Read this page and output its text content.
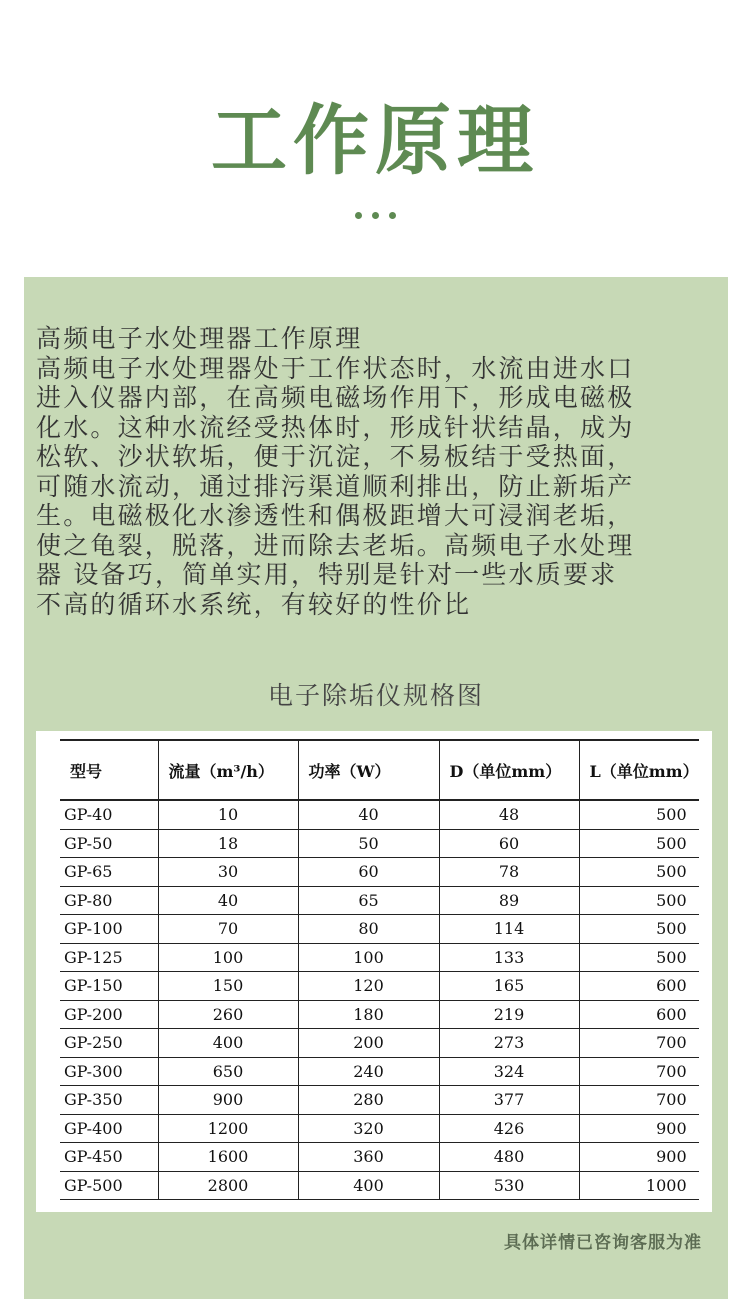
工作原理

高频电子水处理器工作原理

高频电子水处理器处于工作状态时，水流由进水口

进入仪器内部，在高频电磁场作用下，形成电磁极

化水。这种水流经受热体时，形成针状结晶，成为

松软、沙状软垢，便于沉淀，不易板结于受热面，

可随水流动，通过排污渠道顺利排出，防止新垢产

生。电磁极化水渗透性和偶极距增大可浸润老垢，

使之龟裂，脱落，进而除去老垢。高频电子水处理

器 设备巧，简单实用，特别是针对一些水质要求

不高的循环水系统，有较好的性价比

电子除垢仪规格图
型号	流量（m³/h）	功率（W）	D（单位mm）	L（单位mm）
GP-40	10	40	48	500
GP-50	18	50	60	500
GP-65	30	60	78	500
GP-80	40	65	89	500
GP-100	70	80	114	500
GP-125	100	100	133	500
GP-150	150	120	165	600
GP-200	260	180	219	600
GP-250	400	200	273	700
GP-300	650	240	324	700
GP-350	900	280	377	700
GP-400	1200	320	426	900
GP-450	1600	360	480	900
GP-500	2800	400	530	1000
具体详情已咨询客服为准
